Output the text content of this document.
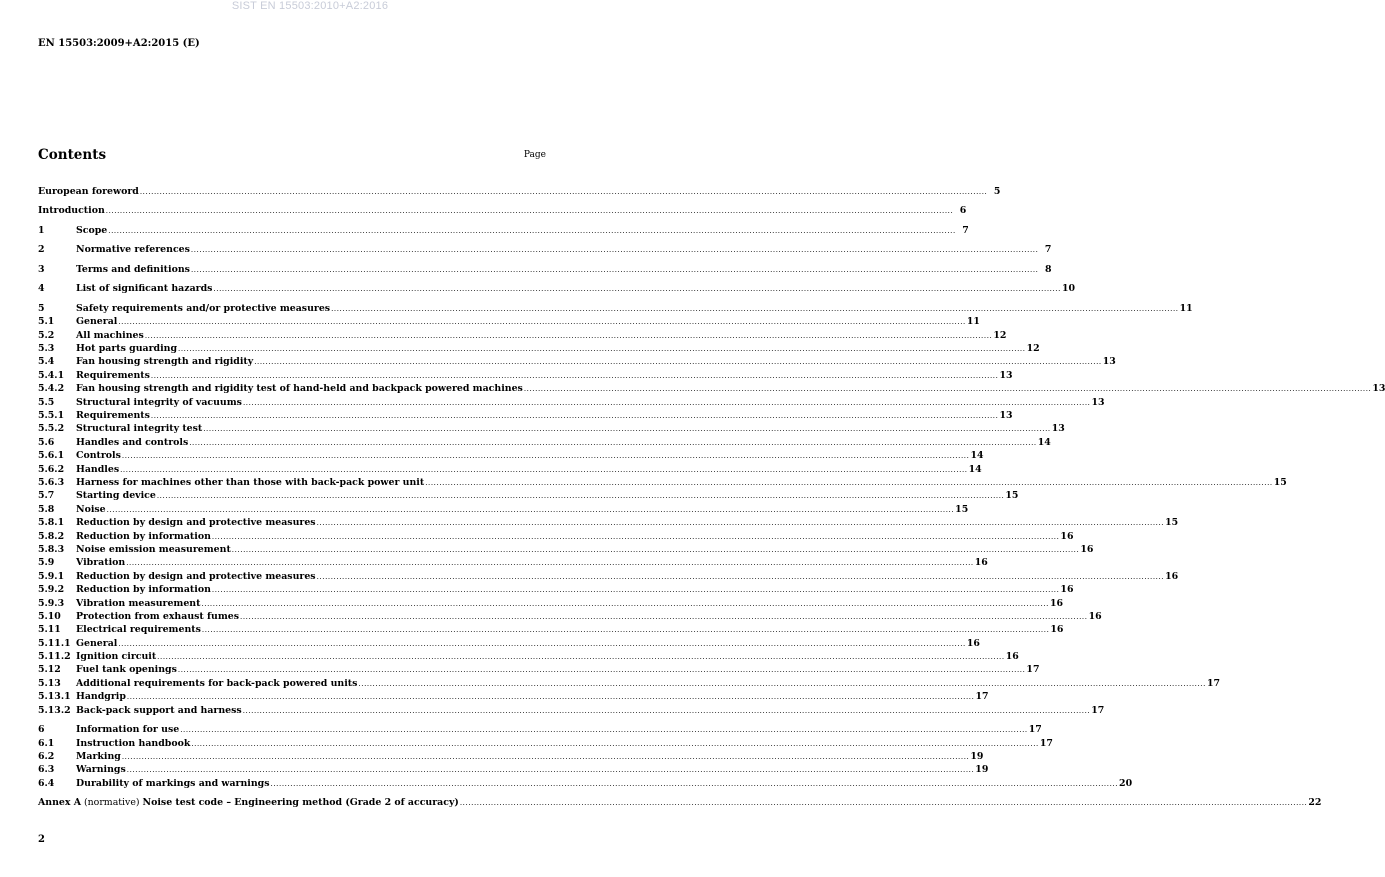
SIST EN 15503:2010+A2:2016
EN 15503:2009+A2:2015 (E)
Contents	Page
European foreword ............................................................................................................................................................................................................................................................................................................ 5
Introduction ............................................................................................................................................................................................................................................................................................................ 6
1	Scope ............................................................................................................................................................................................................................................................................................................ 7
2	Normative references ............................................................................................................................................................................................................................................................................................................ 7
3	Terms and definitions ............................................................................................................................................................................................................................................................................................................ 8
4	List of significant hazards ............................................................................................................................................................................................................................................................................................................ 10
5	Safety requirements and/or protective measures ............................................................................................................................................................................................................................................................................................................ 11
5.1	General ............................................................................................................................................................................................................................................................................................................ 11
5.2	All machines ............................................................................................................................................................................................................................................................................................................ 12
5.3	Hot parts guarding ............................................................................................................................................................................................................................................................................................................ 12
5.4	Fan housing strength and rigidity ............................................................................................................................................................................................................................................................................................................ 13
5.4.1	Requirements ............................................................................................................................................................................................................................................................................................................ 13
5.4.2	Fan housing strength and rigidity test of hand-held and backpack powered machines ............................................................................................................................................................................................................................................................................................................ 13
5.5	Structural integrity of vacuums ............................................................................................................................................................................................................................................................................................................ 13
5.5.1	Requirements ............................................................................................................................................................................................................................................................................................................ 13
5.5.2	Structural integrity test ............................................................................................................................................................................................................................................................................................................ 13
5.6	Handles and controls ............................................................................................................................................................................................................................................................................................................ 14
5.6.1	Controls ............................................................................................................................................................................................................................................................................................................ 14
5.6.2	Handles ............................................................................................................................................................................................................................................................................................................ 14
5.6.3	Harness for machines other than those with back-pack power unit ............................................................................................................................................................................................................................................................................................................ 15
5.7	Starting device ............................................................................................................................................................................................................................................................................................................ 15
5.8	Noise ............................................................................................................................................................................................................................................................................................................ 15
5.8.1	Reduction by design and protective measures ............................................................................................................................................................................................................................................................................................................ 15
5.8.2	Reduction by information ............................................................................................................................................................................................................................................................................................................ 16
5.8.3	Noise emission measurement ............................................................................................................................................................................................................................................................................................................ 16
5.9	Vibration ............................................................................................................................................................................................................................................................................................................ 16
5.9.1	Reduction by design and protective measures ............................................................................................................................................................................................................................................................................................................ 16
5.9.2	Reduction by information ............................................................................................................................................................................................................................................................................................................ 16
5.9.3	Vibration measurement ............................................................................................................................................................................................................................................................................................................ 16
5.10	Protection from exhaust fumes ............................................................................................................................................................................................................................................................................................................ 16
5.11	Electrical requirements ............................................................................................................................................................................................................................................................................................................ 16
5.11.1 General ............................................................................................................................................................................................................................................................................................................ 16
5.11.2 Ignition circuit ............................................................................................................................................................................................................................................................................................................ 16
5.12	Fuel tank openings ............................................................................................................................................................................................................................................................................................................ 17
5.13	Additional requirements for back-pack powered units ............................................................................................................................................................................................................................................................................................................ 17
5.13.1 Handgrip ............................................................................................................................................................................................................................................................................................................ 17
5.13.2 Back-pack support and harness ............................................................................................................................................................................................................................................................................................................ 17
6	Information for use ............................................................................................................................................................................................................................................................................................................ 17
6.1	Instruction handbook ............................................................................................................................................................................................................................................................................................................ 17
6.2	Marking ............................................................................................................................................................................................................................................................................................................ 19
6.3	Warnings ............................................................................................................................................................................................................................................................................................................ 19
6.4	Durability of markings and warnings ............................................................................................................................................................................................................................................................................................................ 20
Annex A (normative) Noise test code – Engineering method (Grade 2 of accuracy) ............................................................................................................................................................................................................................................................................................................ 22
2
